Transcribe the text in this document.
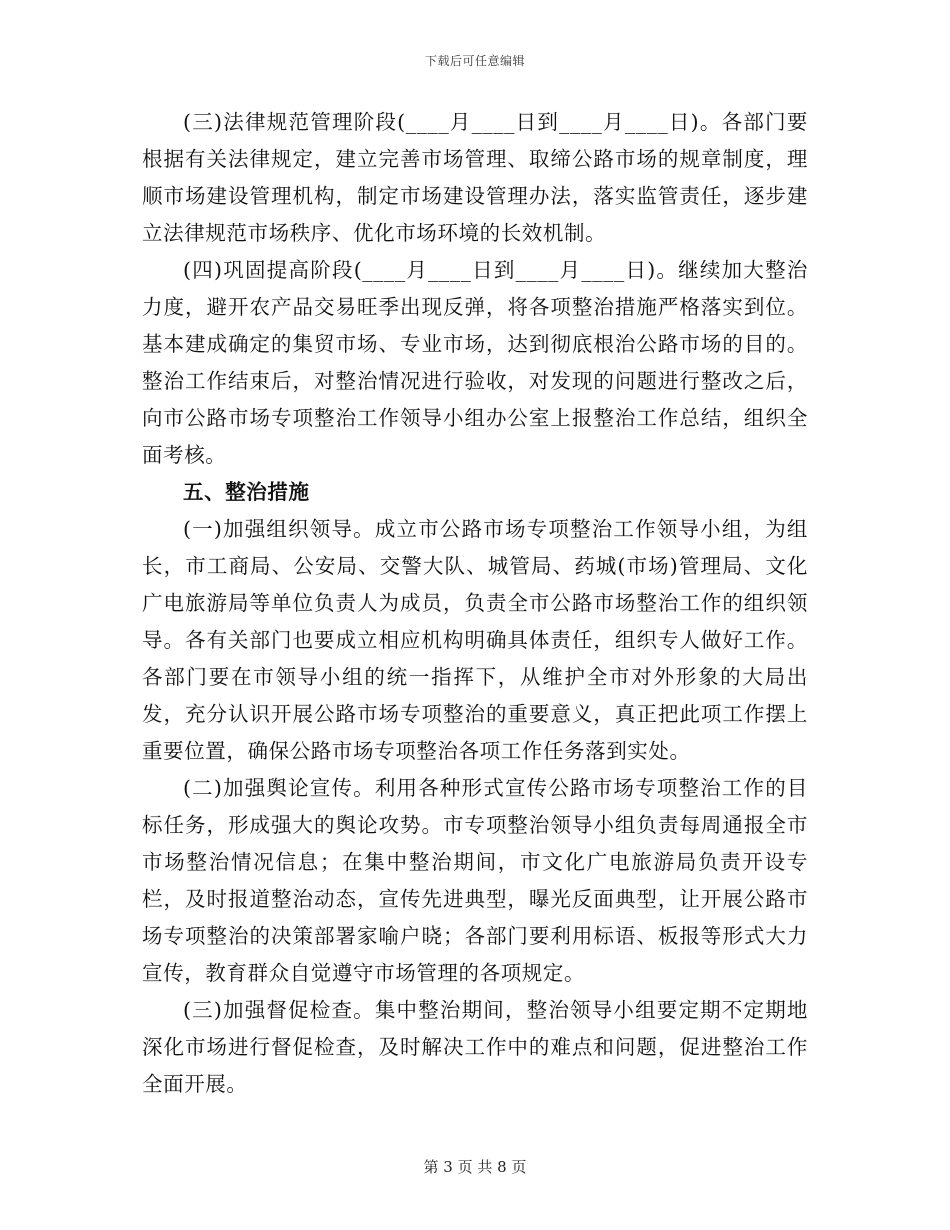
下载后可任意编辑

(三)法律规范管理阶段(____月____日到____月____日)。各部门要根据有关法律规定，建立完善市场管理、取缔公路市场的规章制度，理顺市场建设管理机构，制定市场建设管理办法，落实监管责任，逐步建立法律规范市场秩序、优化市场环境的长效机制。

(四)巩固提高阶段(____月____日到____月____日)。继续加大整治力度，避开农产品交易旺季出现反弹，将各项整治措施严格落实到位。基本建成确定的集贸市场、专业市场，达到彻底根治公路市场的目的。整治工作结束后，对整治情况进行验收，对发现的问题进行整改之后，向市公路市场专项整治工作领导小组办公室上报整治工作总结，组织全面考核。

五、整治措施

(一)加强组织领导。成立市公路市场专项整治工作领导小组，为组长，市工商局、公安局、交警大队、城管局、药城(市场)管理局、文化广电旅游局等单位负责人为成员，负责全市公路市场整治工作的组织领导。各有关部门也要成立相应机构明确具体责任，组织专人做好工作。各部门要在市领导小组的统一指挥下，从维护全市对外形象的大局出发，充分认识开展公路市场专项整治的重要意义，真正把此项工作摆上重要位置，确保公路市场专项整治各项工作任务落到实处。

(二)加强舆论宣传。利用各种形式宣传公路市场专项整治工作的目标任务，形成强大的舆论攻势。市专项整治领导小组负责每周通报全市市场整治情况信息；在集中整治期间，市文化广电旅游局负责开设专栏，及时报道整治动态，宣传先进典型，曝光反面典型，让开展公路市场专项整治的决策部署家喻户晓；各部门要利用标语、板报等形式大力宣传，教育群众自觉遵守市场管理的各项规定。

(三)加强督促检查。集中整治期间，整治领导小组要定期不定期地深化市场进行督促检查，及时解决工作中的难点和问题，促进整治工作全面开展。

第 3 页 共 8 页
